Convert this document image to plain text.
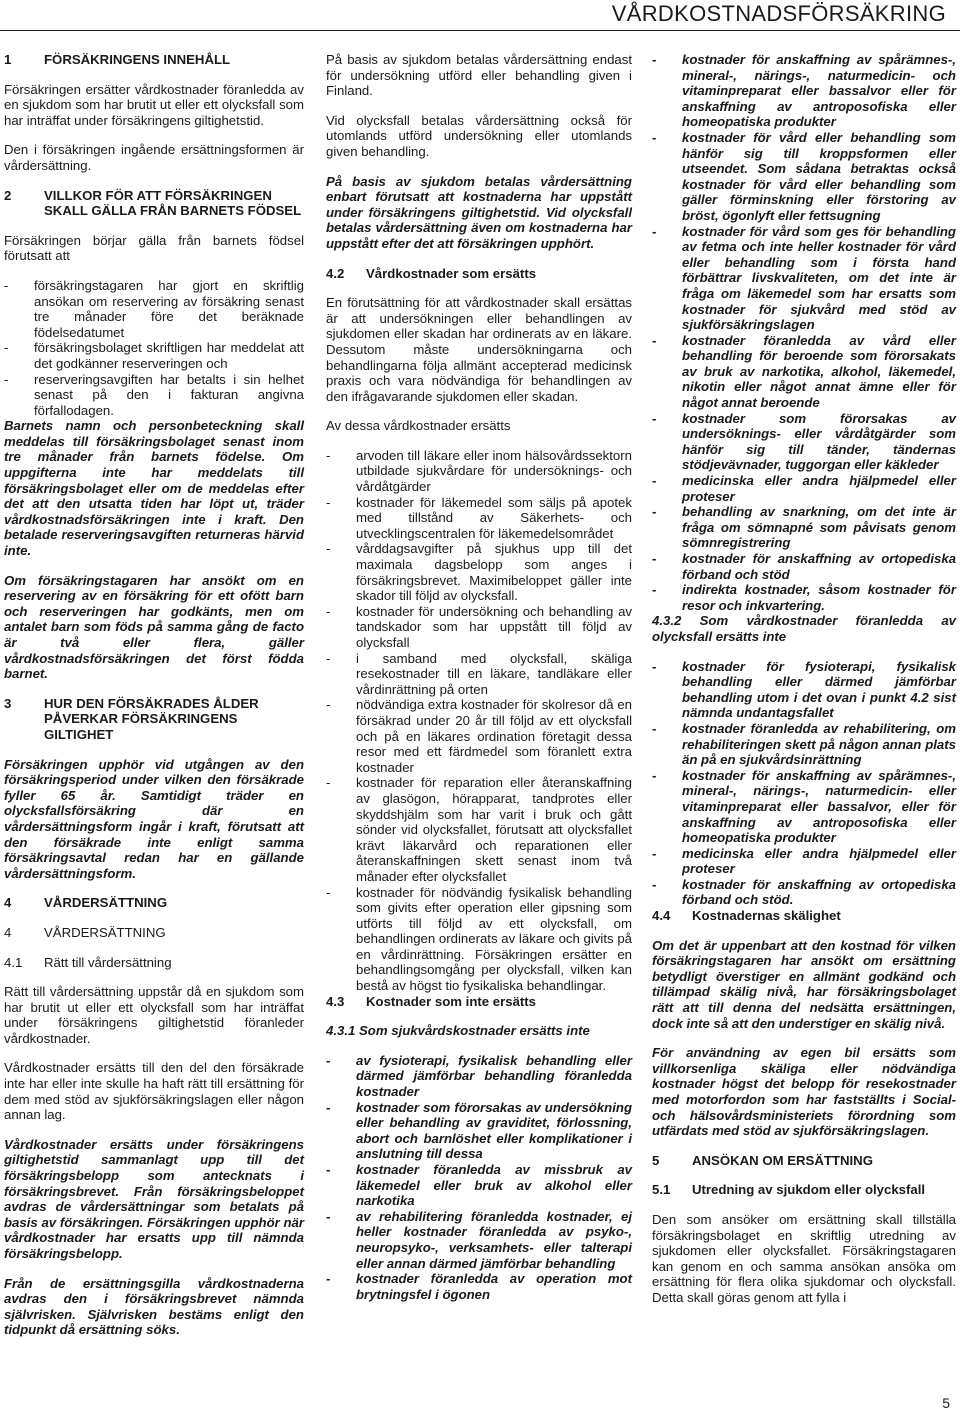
VÅRDKOSTNADSFÖRSÄKRING
1	FÖRSÄKRINGENS INNEHÅLL
Försäkringen ersätter vårdkostnader föranledda av en sjukdom som har brutit ut eller ett olycksfall som har inträffat under försäkringens giltighetstid.
Den i försäkringen ingående ersättningsformen är vårdersättning.
2	VILLKOR FÖR ATT FÖRSÄKRINGEN SKALL GÄLLA FRÅN BARNETS FÖDSEL
Försäkringen börjar gälla från barnets födsel förutsatt att
-	försäkringstagaren har gjort en skriftlig ansökan om reservering av försäkring senast tre månader före det beräknade födelsedatumet
-	försäkringsbolaget skriftligen har meddelat att det godkänner reserveringen och
-	reserveringsavgiften har betalts i sin helhet senast på den i fakturan angivna förfallodagen.
Barnets namn och personbeteckning skall meddelas till försäkringsbolaget senast inom tre månader från barnets födelse. Om uppgifterna inte har meddelats till försäkringsbolaget eller om de meddelas efter det att den utsatta tiden har löpt ut, träder vårdkostnadsförsäkringen inte i kraft. Den betalade reserveringsavgiften returneras härvid inte.
Om försäkringstagaren har ansökt om en reservering av en försäkring för ett ofött barn och reserveringen har godkänts, men om antalet barn som föds på samma gång de facto är två eller flera, gäller vårdkostnadsförsäkringen det först födda barnet.
3	HUR DEN FÖRSÄKRADES ÅLDER PÅVERKAR FÖRSÄKRINGENS GILTIGHET
Försäkringen upphör vid utgången av den försäkringsperiod under vilken den försäkrade fyller 65 år. Samtidigt träder en olycksfallsförsäkring där en vårdersättningsform ingår i kraft, förutsatt att den försäkrade inte enligt samma försäkringsavtal redan har en gällande vårdersättningsform.
4	VÅRDERSÄTTNING
4	VÅRDERSÄTTNING
4.1	Rätt till vårdersättning
Rätt till vårdersättning uppstår då en sjukdom som har brutit ut eller ett olycksfall som har inträffat under försäkringens giltighetstid föranleder vårdkostnader.
Vårdkostnader ersätts till den del den försäkrade inte har eller inte skulle ha haft rätt till ersättning för dem med stöd av sjukförsäkringslagen eller någon annan lag.
Vårdkostnader ersätts under försäkringens giltighetstid sammanlagt upp till det försäkringsbelopp som antecknats i försäkringsbrevet. Från försäkringsbeloppet avdras de vårdersättningar som betalats på basis av försäkringen. Försäkringen upphör när vårdkostnader har ersatts upp till nämnda försäkringsbelopp.
Från de ersättningsgilla vårdkostnaderna avdras den i försäkringsbrevet nämnda självrisken. Självrisken bestäms enligt den tidpunkt då ersättning söks.
På basis av sjukdom betalas vårdersättning endast för undersökning utförd eller behandling given i Finland.
Vid olycksfall betalas vårdersättning också för utomlands utförd undersökning eller utomlands given behandling.
På basis av sjukdom betalas vårdersättning enbart förutsatt att kostnaderna har uppstått under försäkringens giltighetstid. Vid olycksfall betalas vårdersättning även om kostnaderna har uppstått efter det att försäkringen upphört.
4.2	Vårdkostnader som ersätts
En förutsättning för att vårdkostnader skall ersättas är att undersökningen eller behandlingen av sjukdomen eller skadan har ordinerats av en läkare. Dessutom måste undersökningarna och behandlingarna följa allmänt accepterad medicinsk praxis och vara nödvändiga för behandlingen av den ifrågavarande sjukdomen eller skadan.
Av dessa vårdkostnader ersätts
-	arvoden till läkare eller inom hälsovårdssektorn utbildade sjukvårdare för undersöknings- och vårdåtgärder
-	kostnader för läkemedel som säljs på apotek med tillstånd av Säkerhets- och utvecklingscentralen för läkemedelsområdet
-	vårddagsavgifter på sjukhus upp till det maximala dagsbelopp som anges i försäkringsbrevet. Maximibeloppet gäller inte skador till följd av olycksfall.
-	kostnader för undersökning och behandling av tandskador som har uppstått till följd av olycksfall
-	i samband med olycksfall, skäliga resekostnader till en läkare, tandläkare eller vårdinrättning på orten
-	nödvändiga extra kostnader för skolresor då en försäkrad under 20 år till följd av ett olycksfall och på en läkares ordination företagit dessa resor med ett färdmedel som föranlett extra kostnader
-	kostnader för reparation eller återanskaffning av glasögon, hörapparat, tandprotes eller skyddshjälm som har varit i bruk och gått sönder vid olycksfallet, förutsatt att olycksfallet krävt läkarvård och reparationen eller återanskaffningen skett senast inom två månader efter olycksfallet
-	kostnader för nödvändig fysikalisk behandling som givits efter operation eller gipsning som utförts till följd av ett olycksfall, om behandlingen ordinerats av läkare och givits på en vårdinrättning. Försäkringen ersätter en behandlingsomgång per olycksfall, vilken kan bestå av högst tio fysikaliska behandlingar.
4.3	Kostnader som inte ersätts
4.3.1 Som sjukvårdskostnader ersätts inte
-	av fysioterapi, fysikalisk behandling eller därmed jämförbar behandling föranledda kostnader
-	kostnader som förorsakas av undersökning eller behandling av graviditet, förlossning, abort och barnlöshet eller komplikationer i anslutning till dessa
-	kostnader föranledda av missbruk av läkemedel eller bruk av alkohol eller narkotika
-	av rehabilitering föranledda kostnader, ej heller kostnader föranledda av psyko-, neuropsyko-, verksamhets- eller talterapi eller annan därmed jämförbar behandling
-	kostnader föranledda av operation mot brytningsfel i ögonen
-	kostnader för anskaffning av spårämnes-, mineral-, närings-, naturmedicin- och vitaminpreparat eller bassalvor eller för anskaffning av antroposofiska eller homeopatiska produkter
-	kostnader för vård eller behandling som hänför sig till kroppsformen eller utseendet. Som sådana betraktas också kostnader för vård eller behandling som gäller förminskning eller förstoring av bröst, ögonlyft eller fettsugning
-	kostnader för vård som ges för behandling av fetma och inte heller kostnader för vård eller behandling som i första hand förbättrar livskvaliteten, om det inte är fråga om läkemedel som har ersatts som kostnader för sjukvård med stöd av sjukförsäkringslagen
-	kostnader föranledda av vård eller behandling för beroende som förorsakats av bruk av narkotika, alkohol, läkemedel, nikotin eller något annat ämne eller för något annat beroende
-	kostnader som förorsakas av undersöknings- eller vårdåtgärder som hänför sig till tänder, tändernas stödjevävnader, tuggorgan eller käkleder
-	medicinska eller andra hjälpmedel eller proteser
-	behandling av snarkning, om det inte är fråga om sömnapné som påvisats genom sömnregistrering
-	kostnader för anskaffning av ortopediska förband och stöd
-	indirekta kostnader, såsom kostnader för resor och inkvartering.
4.3.2 Som vårdkostnader föranledda av olycksfall ersätts inte
-	kostnader för fysioterapi, fysikalisk behandling eller därmed jämförbar behandling utom i det ovan i punkt 4.2 sist nämnda undantagsfallet
-	kostnader föranledda av rehabilitering, om rehabiliteringen skett på någon annan plats än på en sjukvårdsinrättning
-	kostnader för anskaffning av spårämnes-, mineral-, närings-, naturmedicin- eller vitaminpreparat eller bassalvor, eller för anskaffning av antroposofiska eller homeopatiska produkter
-	medicinska eller andra hjälpmedel eller proteser
-	kostnader för anskaffning av ortopediska förband och stöd.
4.4	Kostnadernas skälighet
Om det är uppenbart att den kostnad för vilken försäkringstagaren har ansökt om ersättning betydligt överstiger en allmänt godkänd och tillämpad skälig nivå, har försäkringsbolaget rätt att till denna del nedsätta ersättningen, dock inte så att den understiger en skälig nivå.
För användning av egen bil ersätts som villkorsenliga skäliga eller nödvändiga kostnader högst det belopp för resekostnader med motorfordon som har fastställts i Social- och hälsovårdsministeriets förordning som utfärdats med stöd av sjukförsäkringslagen.
5	ANSÖKAN OM ERSÄTTNING
5.1	Utredning av sjukdom eller olycksfall
Den som ansöker om ersättning skall tillställa försäkringsbolaget en skriftlig utredning av sjukdomen eller olycksfallet. Försäkringstagaren kan genom en och samma ansökan ansöka om ersättning för flera olika sjukdomar och olycksfall. Detta skall göras genom att fylla i
5
